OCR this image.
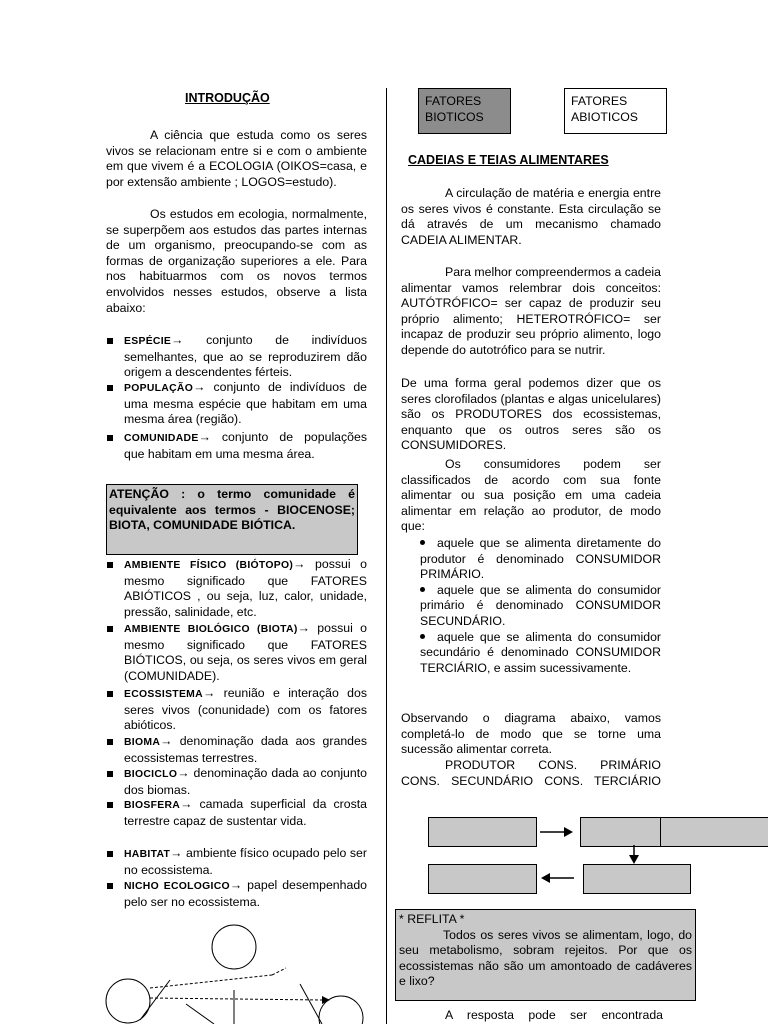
INTRODUÇÃO
A ciência que estuda como os seres vivos se relacionam entre si e com o ambiente em que vivem é a ECOLOGIA (OIKOS=casa, e por extensão ambiente ; LOGOS=estudo).
Os estudos em ecologia, normalmente, se superpõem aos estudos das partes internas de um organismo, preocupando-se com as formas de organização superiores a ele. Para nos habituarmos com os novos termos envolvidos nesses estudos, observe a lista abaixo:
ESPÉCIE→ conjunto de indivíduos semelhantes, que ao se reproduzirem dão origem a descendentes férteis.
POPULAÇÃO→ conjunto de indivíduos de uma mesma espécie que habitam em uma mesma área (região).
COMUNIDADE→ conjunto de populações que habitam em uma mesma área.
ATENÇÃO : o termo comunidade é equivalente aos termos - BIOCENOSE; BIOTA, COMUNIDADE BIÓTICA.
AMBIENTE FÍSICO (BIÓTOPO)→ possui o mesmo significado que FATORES ABIÓTICOS , ou seja, luz, calor, unidade, pressão, salinidade, etc.
AMBIENTE BIOLÓGICO (BIOTA)→ possui o mesmo significado que FATORES BIÓTICOS, ou seja, os seres vivos em geral (COMUNIDADE).
ECOSSISTEMA→ reunião e interação dos seres vivos (conunidade) com os fatores abióticos.
BIOMA→ denominação dada aos grandes ecossistemas terrestres.
BIOCICLO→ denominação dada ao conjunto dos biomas.
BIOSFERA→ camada superficial da crosta terrestre capaz de sustentar vida.
HABITAT→ ambiente físico ocupado pelo ser no ecossistema.
NICHO ECOLOGICO→ papel desempenhado pelo ser no ecossistema.
FATORES BIOTICOS
FATORES ABIOTICOS
CADEIAS E TEIAS ALIMENTARES
A circulação de matéria e energia entre os seres vivos é constante. Esta circulação se dá através de um mecanismo chamado CADEIA ALIMENTAR.
Para melhor compreendermos a cadeia alimentar vamos relembrar dois conceitos: AUTÓTRÓFICO= ser capaz de produzir seu próprio alimento; HETEROTRÓFICO= ser incapaz de produzir seu próprio alimento, logo depende do autotrófico para se nutrir.
De uma forma geral podemos dizer que os seres clorofilados (plantas e algas unicelulares) são os PRODUTORES dos ecossistemas, enquanto que os outros seres são os CONSUMIDORES.
Os consumidores podem ser classificados de acordo com sua fonte alimentar ou sua posição em uma cadeia alimentar em relação ao produtor, de modo que:
aquele que se alimenta diretamente do produtor é denominado CONSUMIDOR PRIMÁRIO.
aquele que se alimenta do consumidor primário é denominado CONSUMIDOR SECUNDÁRIO.
aquele que se alimenta do consumidor secundário é denominado CONSUMIDOR TERCIÁRIO, e assim sucessivamente.
Observando o diagrama abaixo, vamos completá-lo de modo que se torne uma sucessão alimentar correta.
PRODUTOR CONS. PRIMÁRIO CONS. SECUNDÁRIO CONS. TERCIÁRIO
* REFLITA *
Todos os seres vivos se alimentam, logo, do seu metabolismo, sobram rejeitos. Por que os ecossistemas não são um amontoado de cadáveres e lixo?
A resposta pode ser encontrada
